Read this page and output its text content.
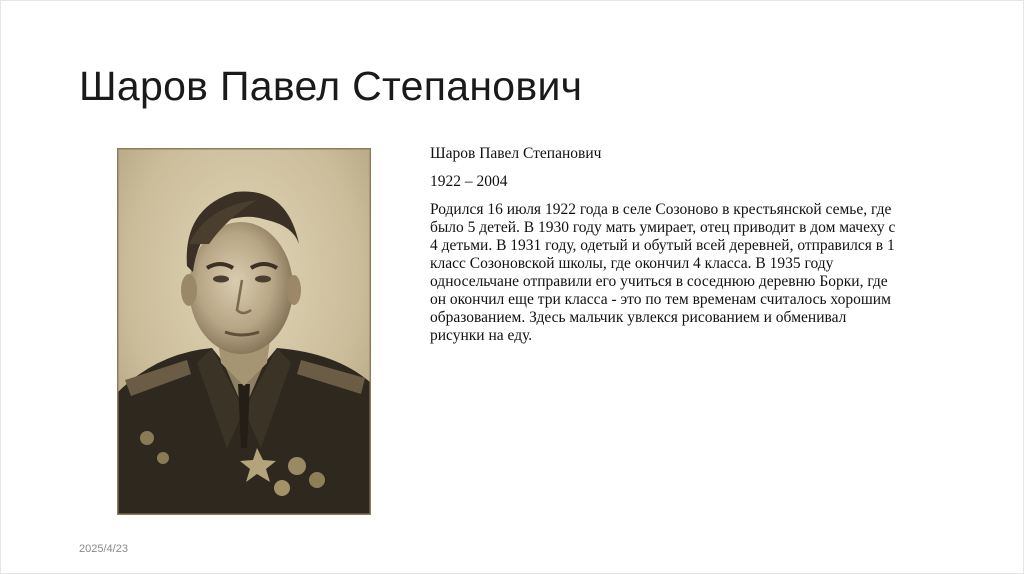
Шаров Павел Степанович

Шаров Павел Степанович

1922 – 2004

Родился 16 июля 1922 года в селе Созоново в крестьянской семье, где было 5 детей. В 1930 году мать умирает, отец приводит в дом мачеху с 4 детьми. В 1931 году, одетый и обутый всей деревней, отправился в 1 класс Созоновской школы, где окончил 4 класса. В 1935 году односельчане отправили его учиться в соседнюю деревню Борки, где он окончил еще три класса - это по тем временам считалось хорошим образованием. Здесь мальчик увлекся рисованием и обменивал рисунки на еду.

2025/4/23
